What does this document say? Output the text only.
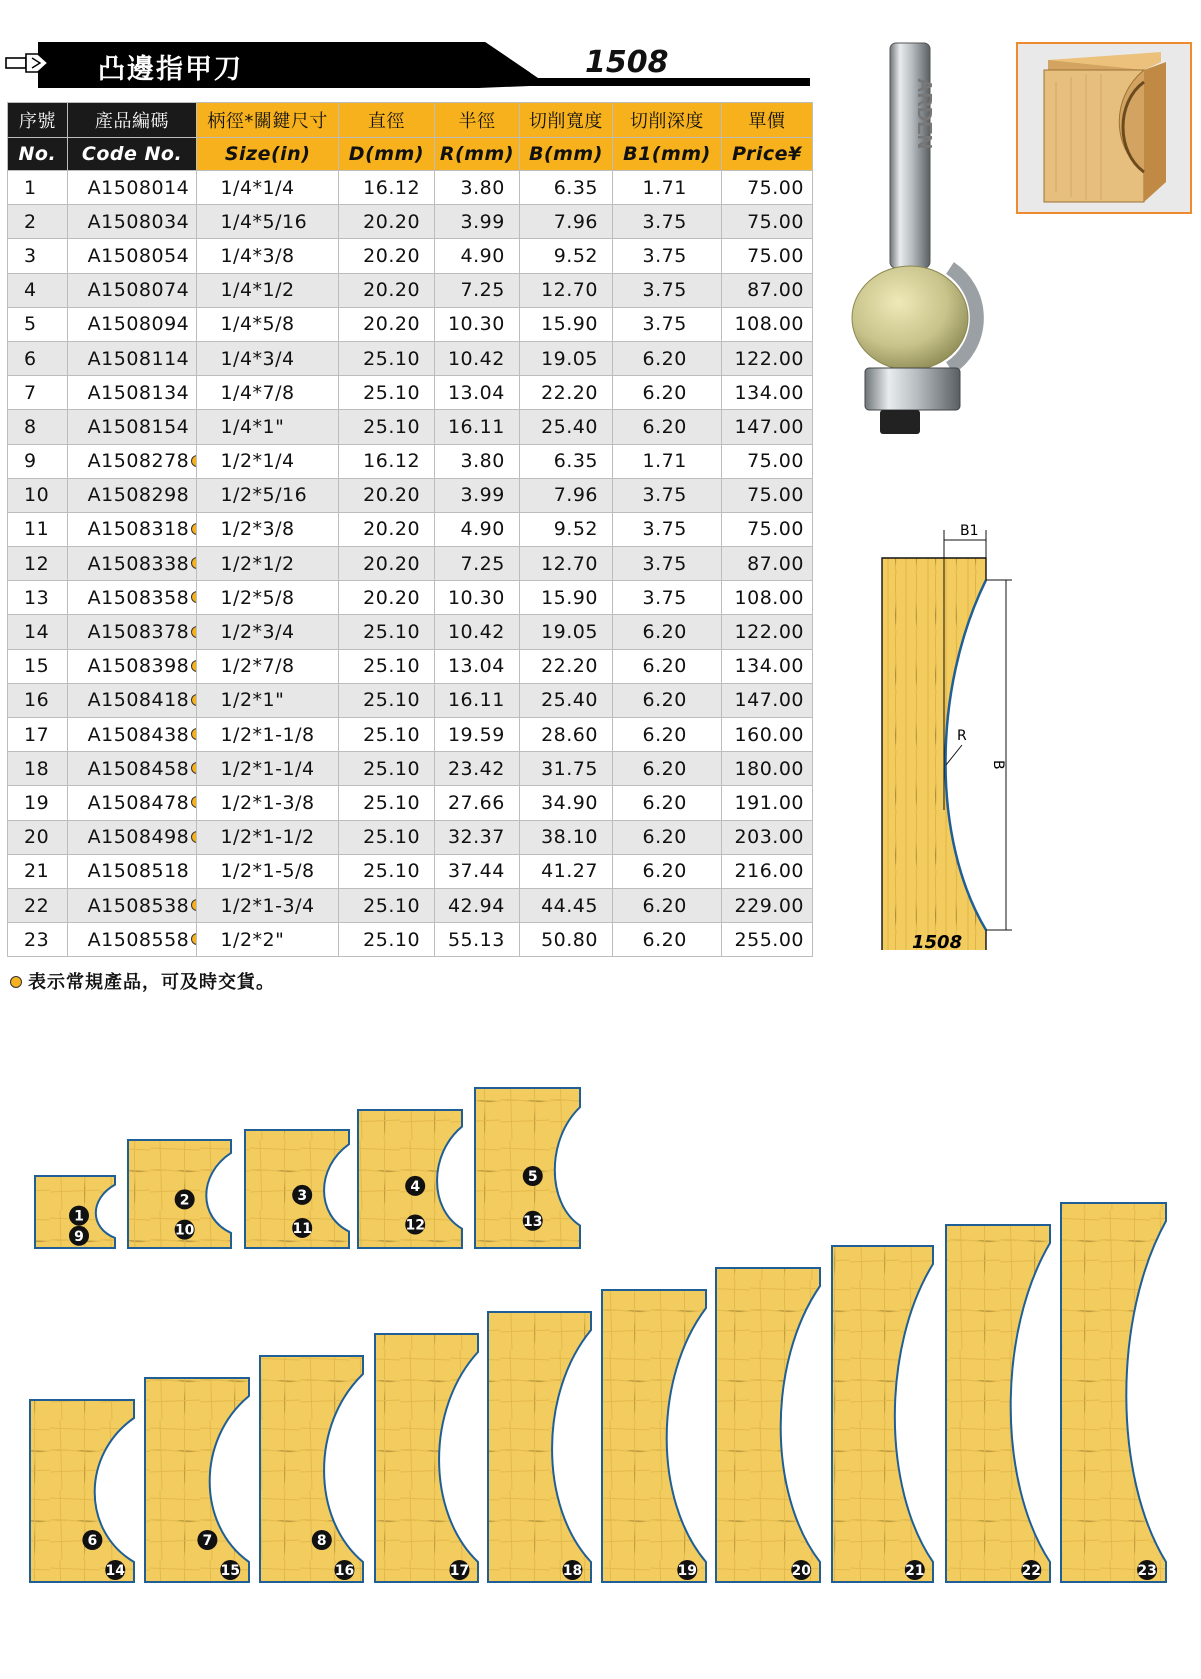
凸邊指甲刀	1508
序號	產品編碼	柄徑*關鍵尺寸	直徑	半徑	切削寬度	切削深度	單價
No.	Code No.	Size(in)	D(mm)	R(mm)	B(mm)	B1(mm)	Price¥
1	A1508014	1/4*1/4	16.12	3.80	6.35	1.71	75.00
2	A1508034	1/4*5/16	20.20	3.99	7.96	3.75	75.00
3	A1508054	1/4*3/8	20.20	4.90	9.52	3.75	75.00
4	A1508074	1/4*1/2	20.20	7.25	12.70	3.75	87.00
5	A1508094	1/4*5/8	20.20	10.30	15.90	3.75	108.00
6	A1508114	1/4*3/4	25.10	10.42	19.05	6.20	122.00
7	A1508134	1/4*7/8	25.10	13.04	22.20	6.20	134.00
8	A1508154	1/4*1"	25.10	16.11	25.40	6.20	147.00
9	A1508278	1/2*1/4	16.12	3.80	6.35	1.71	75.00
10	A1508298	1/2*5/16	20.20	3.99	7.96	3.75	75.00
11	A1508318	1/2*3/8	20.20	4.90	9.52	3.75	75.00
12	A1508338	1/2*1/2	20.20	7.25	12.70	3.75	87.00
13	A1508358	1/2*5/8	20.20	10.30	15.90	3.75	108.00
14	A1508378	1/2*3/4	25.10	10.42	19.05	6.20	122.00
15	A1508398	1/2*7/8	25.10	13.04	22.20	6.20	134.00
16	A1508418	1/2*1"	25.10	16.11	25.40	6.20	147.00
17	A1508438	1/2*1-1/8	25.10	19.59	28.60	6.20	160.00
18	A1508458	1/2*1-1/4	25.10	23.42	31.75	6.20	180.00
19	A1508478	1/2*1-3/8	25.10	27.66	34.90	6.20	191.00
20	A1508498	1/2*1-1/2	25.10	32.37	38.10	6.20	203.00
21	A1508518	1/2*1-5/8	25.10	37.44	41.27	6.20	216.00
22	A1508538	1/2*1-3/4	25.10	42.94	44.45	6.20	229.00
23	A1508558	1/2*2"	25.10	55.13	50.80	6.20	255.00
表示常規產品，可及時交貨。
ARDEN
B1
B
R
1508
1
9
2
10
3
11
4
12
5
13
6
14
7
15
8
16	17	18	19	20	21	22	23
